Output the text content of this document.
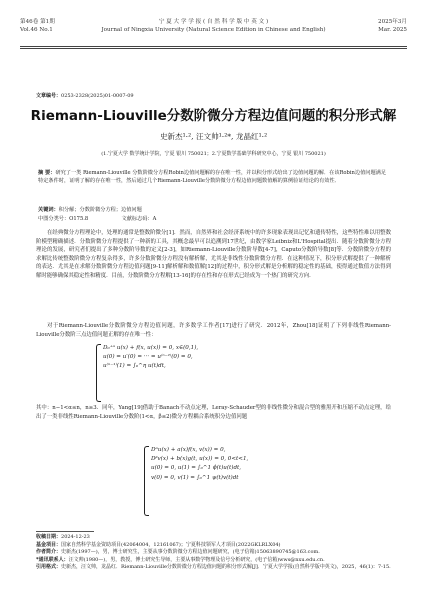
第46卷 第1期
Vol.46 No.1
宁 夏 大 学 学 报 ( 自 然 科 学 版 中 英 文 )
Journal of Ningxia University (Natural Science Edition in Chinese and English)
2025年3月
Mar. 2025
文章编号：0253-2328(2025)01-0007-09
Riemann-Liouville分数阶微分方程边值问题的积分形式解
史新杰¹·², 汪文帅¹·²*, 龙晶红¹·²
(1.宁夏大学 数学统计学院，宁夏 银川 750021；2.宁夏数学基础学科研究中心，宁夏 银川 750021)
摘 要：研究了一类 Riemann-Liouville 分数阶微分方程Robin边值问题解的存在唯一性，并以积分形式给出了边值问题的解．在该Robin边值问题满足特定条件时，证明了解的存在唯一性，然后通过几个Riemann-Liouville分数阶微分方程边值问题数值解的算例验证结论的有效性．
关键词：积分解；分数阶微分方程；边值问题
中图分类号：O175.8	文献标志码：A
在经典微分方程理论中，处理的通常是整数阶微分[1]．然而，自然界和社会经济系统中的许多现象表现出记忆和遗传特性，这些特性难以用整数阶模型精确描述．分数阶微分方程提供了一种新的工具，其概念最早可以追溯到17世纪，由数学家Leibniz和L'Hospital提出．随着分数阶微分方程理论的发展，研究者们提出了多种分数阶导数的定义[2-3]，如Riemann-Liouville分数阶导数[4-7]，Caputo分数阶导数[8]等．分数阶微分方程的求解比传统整数阶微分方程复杂得多，许多分数阶微分方程没有解析解，尤其是非线性分数阶微分方程．在这种情况下，积分形式解提供了一种解析的表达．尤其是在求解分数阶微分方程边值问题[9-11]解析解和数值解[12]的过程中，积分形式解是分析解的稳定性的基础，使得通过数值方法得到解时能够确保其稳定性和精度．目前，分数阶微分方程解[13-16]的存在性和存在形式已经成为一个热门的研究方向．
对于Riemann-Liouville分数阶微分方程边值问题，许多数学工作者[17]进行了研究．2012年，Zhou[18]证明了下列非线性Riemann-Liouville分数阶三点边值问题正解的存在唯一性：
D₀⁺ᵅ u(x) + f(x, u(x)) = 0, x∈(0,1),
u(0) = u′(0) = ··· = u⁽ⁿ⁻²⁾(0) = 0,
u⁽ⁿ⁻¹⁾(1) = ∫₀^η u(t)dt,
其中：n−1<α≤n，n≥3．同年，Yang[19]借助于Banach不动点定理，Leray-Schauder型的非线性微分和混合型的雅黑开和压缩不动点定理，给出了一类非线性Riemann-Liouville分数阶(1<α，β≤2)微分方程耦合系统积分边值问题
Dᵅu(x) + a(x)f(x, v(x)) = 0,
Dᵝv(x) + b(x)g(t, u(x)) = 0, 0<t<1,
u(0) = 0, u(1) = ∫₀^1 ϕ(t)u(t)dt,
v(0) = 0, v(1) = ∫₀^1 ψ(t)v(t)dt
收稿日期：2024-12-23
基金项目：国家自然科学基金资助项目(42064004，12161067)；宁夏科技领军人才项目(2022GKLRLX04)
作者简介：史新杰(1997—)，男，博士研究生，主要从事分数阶微分方程边值问题研究，(电子信箱)15063890745@163.com.
*通讯联系人：汪文帅(1980—)，男，教授，博士研究生导师，主要从事数学物理及信号分析研究，(电子信箱)wws@nxu.edu.cn.
引用格式：史新杰，汪文帅，龙晶红．Riemann-Liouville分数阶微分方程边值问题的积分形式解[J]．宁夏大学学报(自然科学版中英文)，2025，46(1)：7-15.
